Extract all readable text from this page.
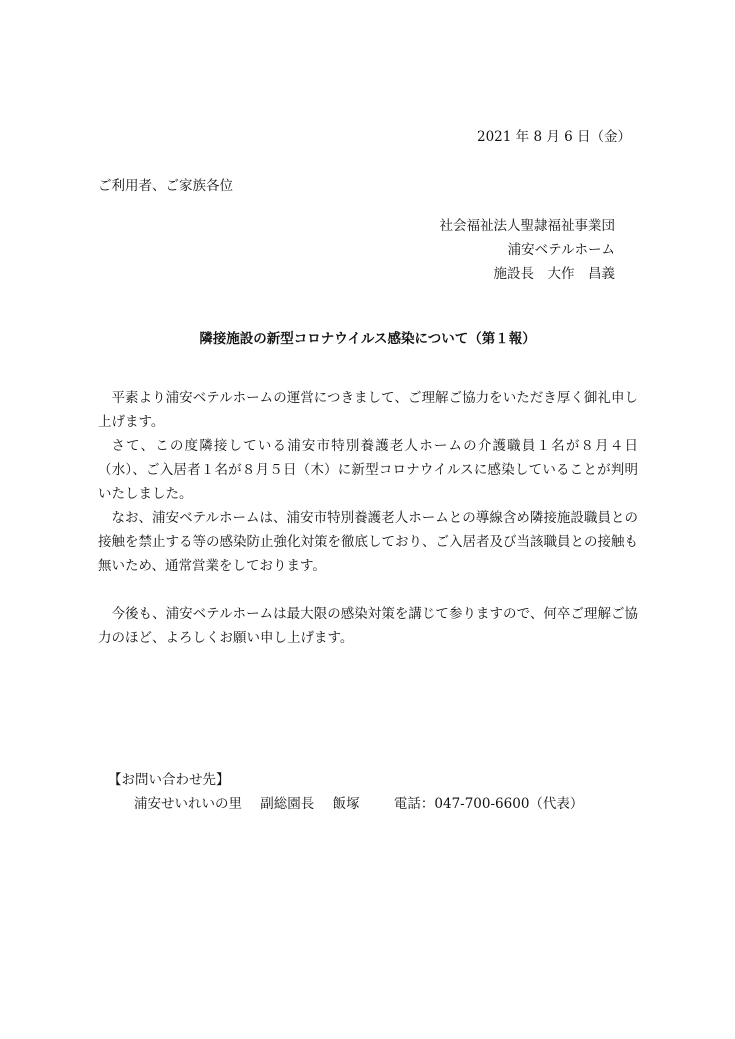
2021 年 8 月 6 日（金）
ご利用者、ご家族各位
社会福祉法人聖隷福祉事業団
浦安ベテルホーム
施設長　大作　昌義
隣接施設の新型コロナウイルス感染について（第１報）

平素より浦安ベテルホームの運営につきまして、ご理解ご協力をいただき厚く御礼申し上げます。

さて、この度隣接している浦安市特別養護老人ホームの介護職員１名が８月４日（水）、ご入居者１名が８月５日（木）に新型コロナウイルスに感染していることが判明いたしました。

なお、浦安ベテルホームは、浦安市特別養護老人ホームとの導線含め隣接施設職員との接触を禁止する等の感染防止強化対策を徹底しており、ご入居者及び当該職員との接触も無いため、通常営業をしております。

今後も、浦安ベテルホームは最大限の感染対策を講じて参りますので、何卒ご理解ご協力のほど、よろしくお願い申し上げます。

【お問い合わせ先】
浦安せいれいの里 副総園長 飯塚	電話：047-700-6600（代表）
